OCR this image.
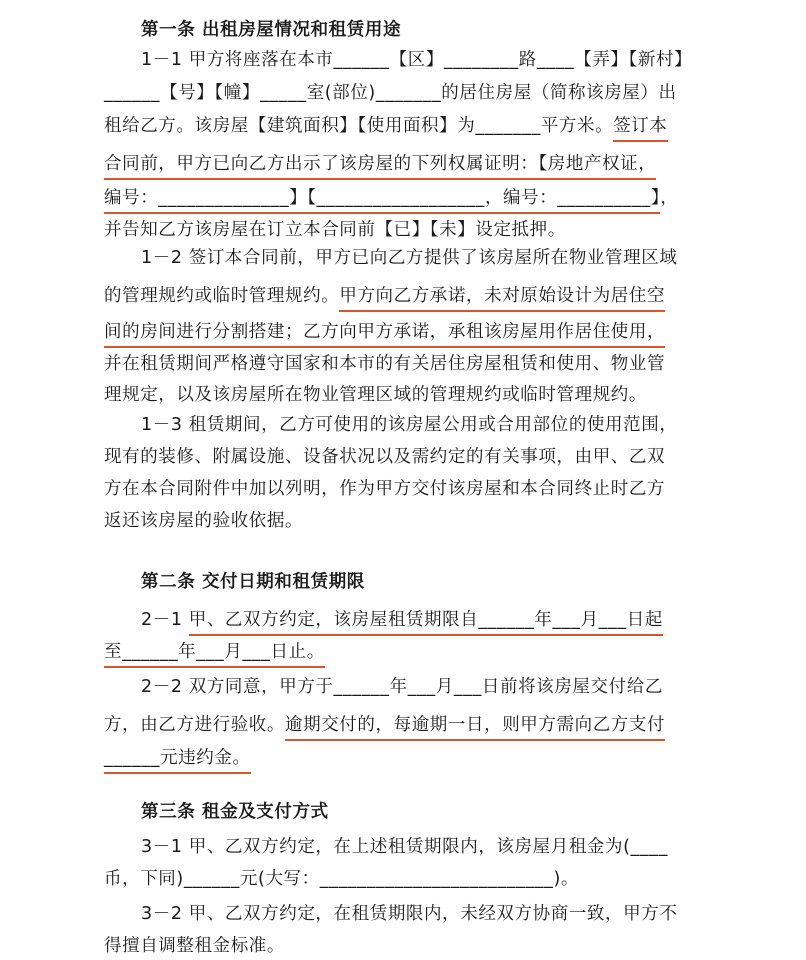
第一条 出租房屋情况和租赁用途
1－1 甲方将座落在本市______【区】________路____【弄】【新村】
______【号】【幢】_____室(部位)_______的居住房屋（简称该房屋）出
租给乙方。该房屋【建筑面积】【使用面积】为_______平方米。签订本
合同前，甲方已向乙方出示了该房屋的下列权属证明：【房地产权证，
编号：______________】【__________________，编号：__________】，
并告知乙方该房屋在订立本合同前【已】【未】设定抵押。
1－2 签订本合同前，甲方已向乙方提供了该房屋所在物业管理区域
的管理规约或临时管理规约。甲方向乙方承诺，未对原始设计为居住空
间的房间进行分割搭建；乙方向甲方承诺，承租该房屋用作居住使用，
并在租赁期间严格遵守国家和本市的有关居住房屋租赁和使用、物业管
理规定，以及该房屋所在物业管理区域的管理规约或临时管理规约。
1－3 租赁期间，乙方可使用的该房屋公用或合用部位的使用范围，
现有的装修、附属设施、设备状况以及需约定的有关事项，由甲、乙双
方在本合同附件中加以列明，作为甲方交付该房屋和本合同终止时乙方
返还该房屋的验收依据。
第二条 交付日期和租赁期限
2－1 甲、乙双方约定，该房屋租赁期限自______年___月___日起
至______年___月___日止。
2－2 双方同意，甲方于______年___月___日前将该房屋交付给乙
方，由乙方进行验收。逾期交付的，每逾期一日，则甲方需向乙方支付
______元违约金。
第三条 租金及支付方式
3－1 甲、乙双方约定，在上述租赁期限内，该房屋月租金为(____
币，下同)______元(大写：_________________________)。
3－2 甲、乙双方约定，在租赁期限内，未经双方协商一致，甲方不
得擅自调整租金标准。
